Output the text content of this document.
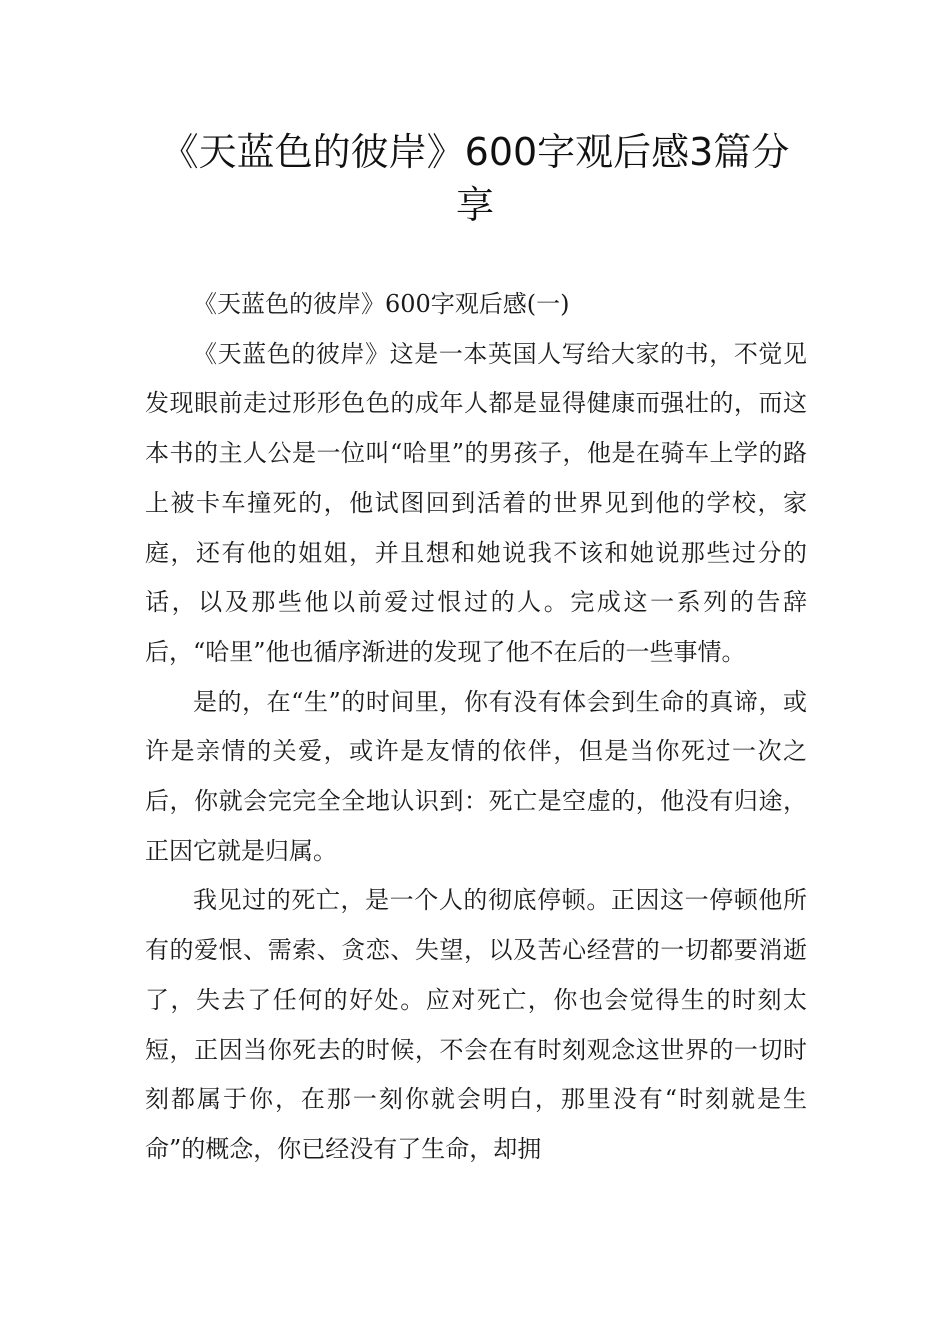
《天蓝色的彼岸》600字观后感3篇分享

《天蓝色的彼岸》600字观后感(一)

《天蓝色的彼岸》这是一本英国人写给大家的书，不觉见发现眼前走过形形色色的成年人都是显得健康而强壮的，而这本书的主人公是一位叫“哈里”的男孩子，他是在骑车上学的路上被卡车撞死的，他试图回到活着的世界见到他的学校，家庭，还有他的姐姐，并且想和她说我不该和她说那些过分的话，以及那些他以前爱过恨过的人。完成这一系列的告辞后，“哈里”他也循序渐进的发现了他不在后的一些事情。

是的，在“生”的时间里，你有没有体会到生命的真谛，或许是亲情的关爱，或许是友情的依伴，但是当你死过一次之后，你就会完完全全地认识到：死亡是空虚的，他没有归途，正因它就是归属。

我见过的死亡，是一个人的彻底停顿。正因这一停顿他所有的爱恨、需索、贪恋、失望，以及苦心经营的一切都要消逝了，失去了任何的好处。应对死亡，你也会觉得生的时刻太短，正因当你死去的时候，不会在有时刻观念这世界的一切时刻都属于你，在那一刻你就会明白，那里没有“时刻就是生命”的概念，你已经没有了生命，却拥
